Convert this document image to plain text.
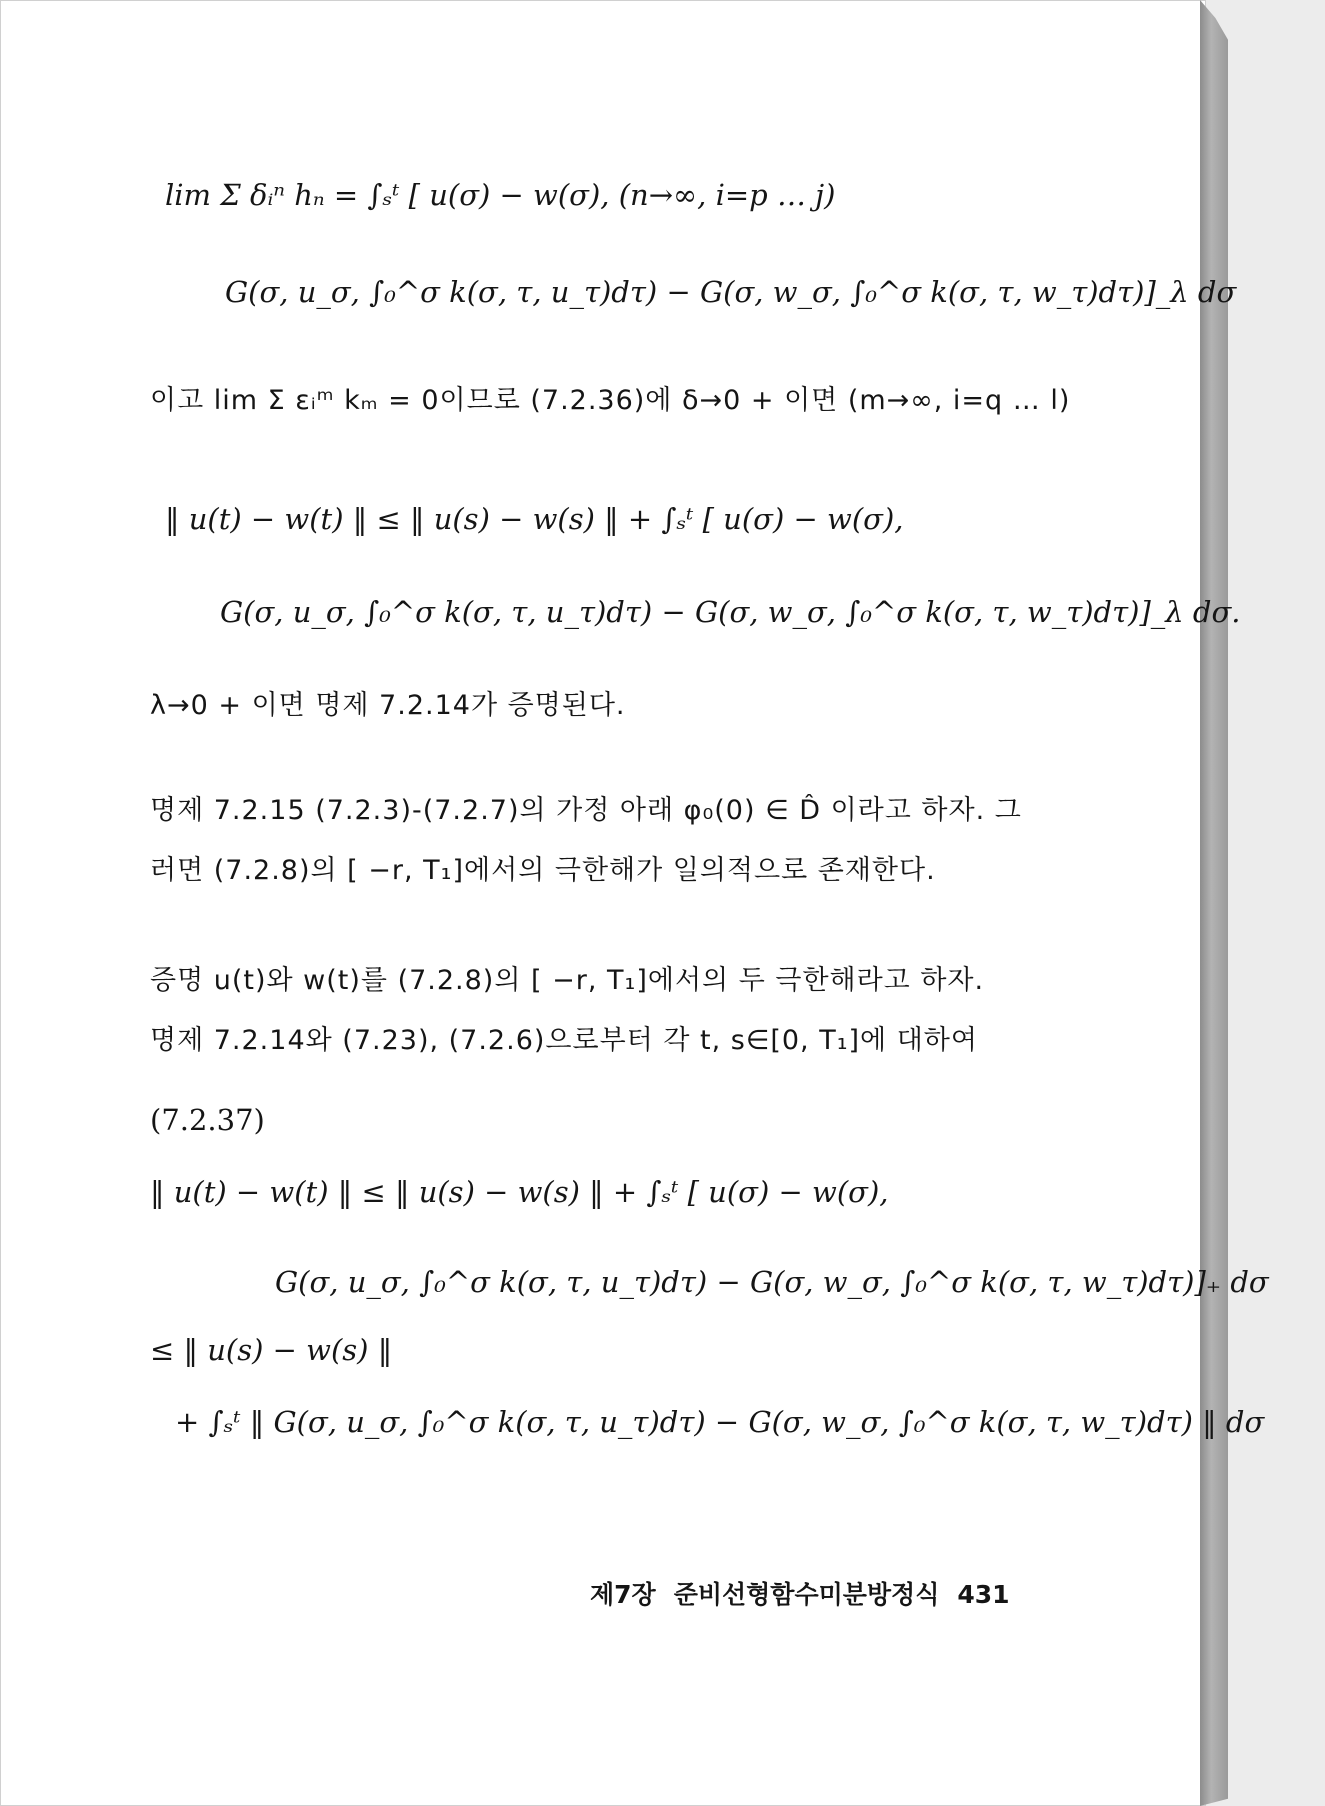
lim Σ δᵢⁿ hₙ = ∫ₛᵗ [ u(σ) − w(σ), (n→∞, i=p … j)

G(σ, u_σ, ∫₀^σ k(σ, τ, u_τ)dτ) − G(σ, w_σ, ∫₀^σ k(σ, τ, w_τ)dτ)]_λ dσ

이고 lim Σ εᵢᵐ kₘ = 0이므로 (7.2.36)에 δ→0 + 이면 (m→∞, i=q … l)

‖ u(t) − w(t) ‖ ≤ ‖ u(s) − w(s) ‖ + ∫ₛᵗ [ u(σ) − w(σ),

G(σ, u_σ, ∫₀^σ k(σ, τ, u_τ)dτ) − G(σ, w_σ, ∫₀^σ k(σ, τ, w_τ)dτ)]_λ dσ.

λ→0 + 이면 명제 7.2.14가 증명된다.

명제 7.2.15 (7.2.3)-(7.2.7)의 가정 아래 φ₀(0) ∈ D̂ 이라고 하자. 그

러면 (7.2.8)의 [ −r, T₁]에서의 극한해가 일의적으로 존재한다.

증명 u(t)와 w(t)를 (7.2.8)의 [ −r, T₁]에서의 두 극한해라고 하자.

명제 7.2.14와 (7.23), (7.2.6)으로부터 각 t, s∈[0, T₁]에 대하여

(7.2.37)

‖ u(t) − w(t) ‖ ≤ ‖ u(s) − w(s) ‖ + ∫ₛᵗ [ u(σ) − w(σ),

G(σ, u_σ, ∫₀^σ k(σ, τ, u_τ)dτ) − G(σ, w_σ, ∫₀^σ k(σ, τ, w_τ)dτ)]₊ dσ

≤ ‖ u(s) − w(s) ‖

+ ∫ₛᵗ ‖ G(σ, u_σ, ∫₀^σ k(σ, τ, u_τ)dτ) − G(σ, w_σ, ∫₀^σ k(σ, τ, w_τ)dτ) ‖ dσ

제7장 준비선형함수미분방정식 431
